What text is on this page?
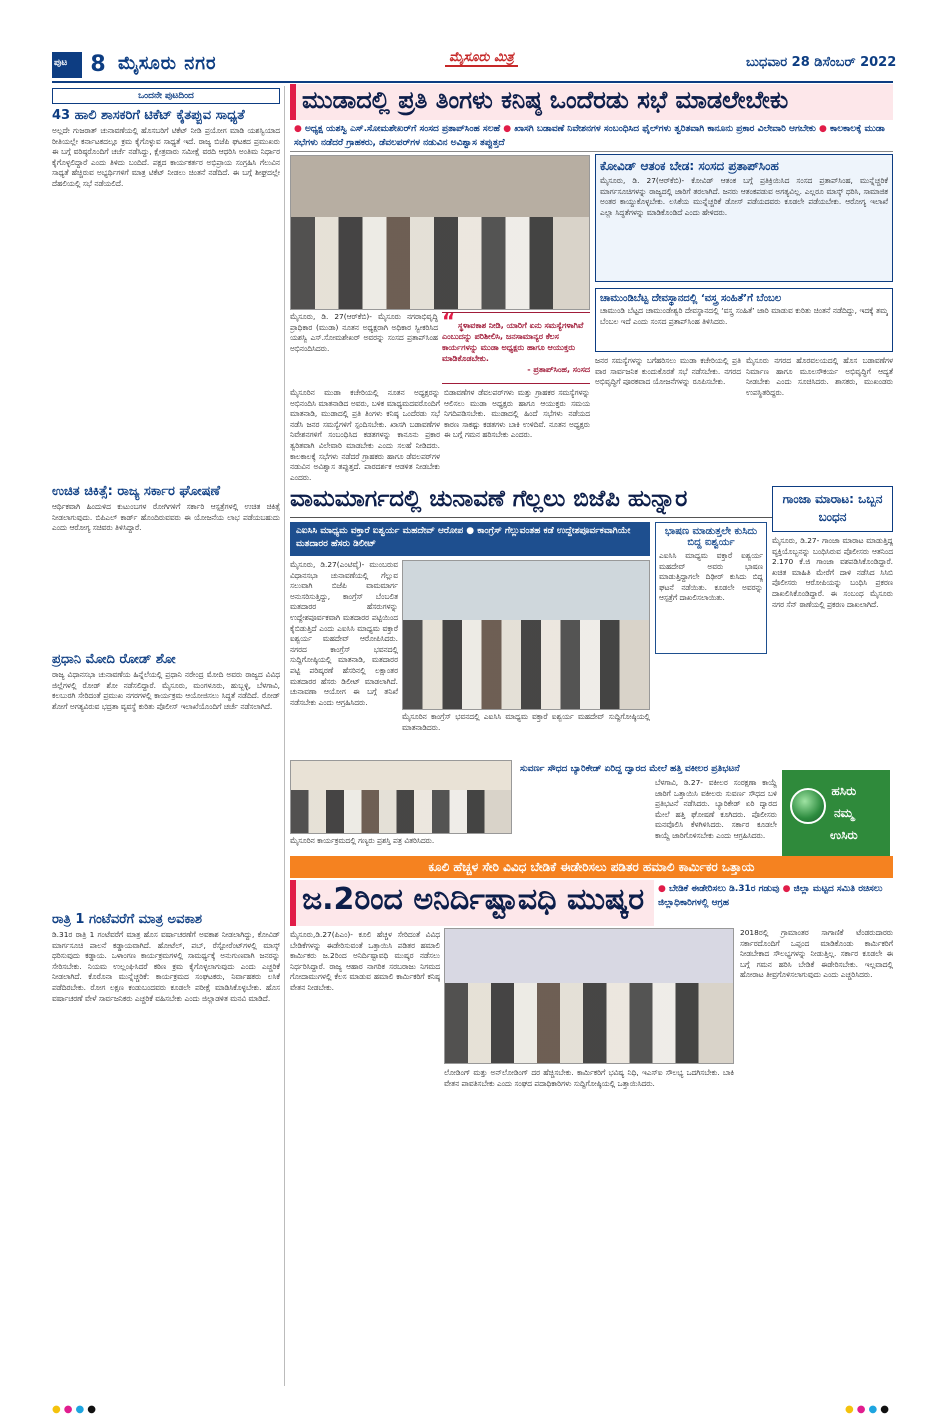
ಪುಟ	8 ಮೈಸೂರು ನಗರ	ಮೈಸೂರು ಮಿತ್ರ	ಬುಧವಾರ 28 ಡಿಸೆಂಬರ್ 2022
ಒಂದನೇ ಪುಟದಿಂದ
43 ಹಾಲಿ ಶಾಸಕರಿಗೆ ಟಿಕೆಟ್ ಕೈತಪ್ಪುವ ಸಾಧ್ಯತೆ
ಅಲ್ಲದೇ ಗುಜರಾತ್ ಚುನಾವಣೆಯಲ್ಲಿ ಹೊಸಬರಿಗೆ ಟಿಕೆಟ್ ನೀಡಿ ಪ್ರಯೋಗ ಮಾಡಿ ಯಶಸ್ವಿಯಾದ ರೀತಿಯಲ್ಲೇ ಕರ್ನಾಟಕದಲ್ಲೂ ಕ್ರಮ ಕೈಗೊಳ್ಳುವ ಸಾಧ್ಯತೆ ಇದೆ. ರಾಜ್ಯ ಬಿಜೆಪಿ ಘಟಕದ ಪ್ರಮುಖರು ಈ ಬಗ್ಗೆ ವರಿಷ್ಠರೊಂದಿಗೆ ಚರ್ಚೆ ನಡೆಸಿದ್ದು, ಕ್ಷೇತ್ರವಾರು ಸಮೀಕ್ಷೆ ವರದಿ ಆಧರಿಸಿ ಅಂತಿಮ ನಿರ್ಧಾರ ಕೈಗೊಳ್ಳಲಿದ್ದಾರೆ ಎಂದು ತಿಳಿದು ಬಂದಿದೆ. ಪಕ್ಷದ ಕಾರ್ಯಕರ್ತರ ಅಭಿಪ್ರಾಯ ಸಂಗ್ರಹಿಸಿ ಗೆಲುವಿನ ಸಾಧ್ಯತೆ ಹೆಚ್ಚಿರುವ ಅಭ್ಯರ್ಥಿಗಳಿಗೆ ಮಾತ್ರ ಟಿಕೆಟ್ ನೀಡಲು ಚಿಂತನೆ ನಡೆದಿದೆ. ಈ ಬಗ್ಗೆ ಶೀಘ್ರದಲ್ಲೇ ದೆಹಲಿಯಲ್ಲಿ ಸಭೆ ನಡೆಯಲಿದೆ.
ಉಚಿತ ಚಿಕಿತ್ಸೆ: ರಾಜ್ಯ ಸರ್ಕಾರ ಘೋಷಣೆ
ಆರ್ಥಿಕವಾಗಿ ಹಿಂದುಳಿದ ಕುಟುಂಬಗಳ ರೋಗಿಗಳಿಗೆ ಸರ್ಕಾರಿ ಆಸ್ಪತ್ರೆಗಳಲ್ಲಿ ಉಚಿತ ಚಿಕಿತ್ಸೆ ನೀಡಲಾಗುವುದು. ಬಿಪಿಎಲ್ ಕಾರ್ಡ್ ಹೊಂದಿರುವವರು ಈ ಯೋಜನೆಯ ಲಾಭ ಪಡೆಯಬಹುದು ಎಂದು ಆರೋಗ್ಯ ಸಚಿವರು ತಿಳಿಸಿದ್ದಾರೆ.
ಪ್ರಧಾನಿ ಮೋದಿ ರೋಡ್ ಶೋ
ರಾಜ್ಯ ವಿಧಾನಸಭಾ ಚುನಾವಣೆಯ ಹಿನ್ನೆಲೆಯಲ್ಲಿ ಪ್ರಧಾನಿ ನರೇಂದ್ರ ಮೋದಿ ಅವರು ರಾಜ್ಯದ ವಿವಿಧ ಜಿಲ್ಲೆಗಳಲ್ಲಿ ರೋಡ್ ಶೋ ನಡೆಸಲಿದ್ದಾರೆ. ಮೈಸೂರು, ಮಂಗಳೂರು, ಹುಬ್ಬಳ್ಳಿ, ಬೆಳಗಾವಿ, ಕಲಬುರಗಿ ಸೇರಿದಂತೆ ಪ್ರಮುಖ ನಗರಗಳಲ್ಲಿ ಕಾರ್ಯಕ್ರಮ ಆಯೋಜಿಸಲು ಸಿದ್ಧತೆ ನಡೆದಿದೆ. ರೋಡ್ ಶೋಗೆ ಅಗತ್ಯವಿರುವ ಭದ್ರತಾ ವ್ಯವಸ್ಥೆ ಕುರಿತು ಪೊಲೀಸ್ ಇಲಾಖೆಯೊಂದಿಗೆ ಚರ್ಚೆ ನಡೆಸಲಾಗಿದೆ.
ರಾತ್ರಿ 1 ಗಂಟೆವರೆಗೆ ಮಾತ್ರ ಅವಕಾಶ
ಡಿ.31ರ ರಾತ್ರಿ 1 ಗಂಟೆವರೆಗೆ ಮಾತ್ರ ಹೊಸ ವರ್ಷಾಚರಣೆಗೆ ಅವಕಾಶ ನೀಡಲಾಗಿದ್ದು, ಕೋವಿಡ್ ಮಾರ್ಗಸೂಚಿ ಪಾಲನೆ ಕಡ್ಡಾಯವಾಗಿದೆ. ಹೋಟೆಲ್, ಪಬ್, ರೆಸ್ಟೋರೆಂಟ್‌ಗಳಲ್ಲಿ ಮಾಸ್ಕ್ ಧರಿಸುವುದು ಕಡ್ಡಾಯ. ಒಳಾಂಗಣ ಕಾರ್ಯಕ್ರಮಗಳಲ್ಲಿ ಸಾಮರ್ಥ್ಯಕ್ಕೆ ಅನುಗುಣವಾಗಿ ಜನರನ್ನು ಸೇರಿಸಬೇಕು. ನಿಯಮ ಉಲ್ಲಂಘಿಸಿದರೆ ಕಠಿಣ ಕ್ರಮ ಕೈಗೊಳ್ಳಲಾಗುವುದು ಎಂದು ಎಚ್ಚರಿಕೆ ನೀಡಲಾಗಿದೆ. ಕೊರೊನಾ ಮುನ್ನೆಚ್ಚರಿಕೆ: ಕಾರ್ಯಕ್ರಮದ ಸಂಘಟಕರು, ನಿರ್ವಾಹಕರು ಲಸಿಕೆ ಪಡೆದಿರಬೇಕು. ರೋಗ ಲಕ್ಷಣ ಕಂಡುಬಂದವರು ಕೂಡಲೇ ಪರೀಕ್ಷೆ ಮಾಡಿಸಿಕೊಳ್ಳಬೇಕು. ಹೊಸ ವರ್ಷಾಚರಣೆ ವೇಳೆ ಸಾರ್ವಜನಿಕರು ಎಚ್ಚರಿಕೆ ವಹಿಸಬೇಕು ಎಂದು ಜಿಲ್ಲಾಡಳಿತ ಮನವಿ ಮಾಡಿದೆ.
ಮುಡಾದಲ್ಲಿ ಪ್ರತಿ ತಿಂಗಳು ಕನಿಷ್ಠ ಒಂದೆರಡು ಸಭೆ ಮಾಡಲೇಬೇಕು
● ಅಧ್ಯಕ್ಷ ಯಶಸ್ವಿ ಎಸ್.ಸೋಮಶೇಖರ್‌ಗೆ ಸಂಸದ ಪ್ರತಾಪ್‌ಸಿಂಹ ಸಲಹೆ ● ಖಾಸಗಿ ಬಡಾವಣೆ ನಿವೇಶನಗಳ ಸಂಬಂಧಿಸಿದ ಫೈಲ್‌ಗಳು ತ್ವರಿತವಾಗಿ ಕಾನೂನು ಪ್ರಕಾರ ವಿಲೇವಾರಿ ಆಗಬೇಕು ● ಕಾಲಕಾಲಕ್ಕೆ ಮುಡಾ ಸಭೆಗಳು ನಡೆದರೆ ಗ್ರಾಹಕರು, ಡೆವಲಪರ್‌ಗಳ ನಡುವಿನ ಅವಿಶ್ವಾಸ ತಪ್ಪುತ್ತದೆ
ಮೈಸೂರು, ಡಿ. 27(ಆರ್‌ಕೆಬಿ)- ಮೈಸೂರು ನಗರಾಭಿವೃದ್ಧಿ ಪ್ರಾಧಿಕಾರ (ಮುಡಾ) ನೂತನ ಅಧ್ಯಕ್ಷರಾಗಿ ಅಧಿಕಾರ ಸ್ವೀಕರಿಸಿದ ಯಶಸ್ವಿ ಎಸ್.ಸೋಮಶೇಖರ್ ಅವರನ್ನು ಸಂಸದ ಪ್ರತಾಪ್‌ಸಿಂಹ ಅಭಿನಂದಿಸಿದರು.
“ ಸ್ಥಳಾವಕಾಶ ನೀಡಿ, ಯಾರಿಗೆ ಏನು ಸಮಸ್ಯೆಗಳಾಗಿವೆ ಎಂಬುದನ್ನು ಪರಿಶೀಲಿಸಿ, ಜನಸಾಮಾನ್ಯರ ಕೆಲಸ ಕಾರ್ಯಗಳನ್ನು ಮುಡಾ ಅಧ್ಯಕ್ಷರು ಹಾಗೂ ಆಯುಕ್ತರು ಮಾಡಿಕೊಡಬೇಕು.
- ಪ್ರತಾಪ್‌ಸಿಂಹ, ಸಂಸದ
ಮೈಸೂರಿನ ಮುಡಾ ಕಚೇರಿಯಲ್ಲಿ ನೂತನ ಅಧ್ಯಕ್ಷರನ್ನು ಅಭಿನಂದಿಸಿ ಮಾತನಾಡಿದ ಅವರು, ಬಳಿಕ ಮಾಧ್ಯಮದವರೊಂದಿಗೆ ಮಾತನಾಡಿ, ಮುಡಾದಲ್ಲಿ ಪ್ರತಿ ತಿಂಗಳು ಕನಿಷ್ಠ ಒಂದೆರಡು ಸಭೆ ನಡೆಸಿ ಜನರ ಸಮಸ್ಯೆಗಳಿಗೆ ಸ್ಪಂದಿಸಬೇಕು. ಖಾಸಗಿ ಬಡಾವಣೆಗಳ ನಿವೇಶನಗಳಿಗೆ ಸಂಬಂಧಿಸಿದ ಕಡತಗಳನ್ನು ಕಾನೂನು ಪ್ರಕಾರ ತ್ವರಿತವಾಗಿ ವಿಲೇವಾರಿ ಮಾಡಬೇಕು ಎಂದು ಸಲಹೆ ನೀಡಿದರು. ಕಾಲಕಾಲಕ್ಕೆ ಸಭೆಗಳು ನಡೆದರೆ ಗ್ರಾಹಕರು ಹಾಗೂ ಡೆವಲಪರ್‌ಗಳ ನಡುವಿನ ಅವಿಶ್ವಾಸ ತಪ್ಪುತ್ತದೆ. ಪಾರದರ್ಶಕ ಆಡಳಿತ ನೀಡಬೇಕು ಎಂದರು.
ಬಿಡಾವಣೆಗಳ ಡೆವಲಪರ್‌ಗಳು ಮತ್ತು ಗ್ರಾಹಕರ ಸಮಸ್ಯೆಗಳನ್ನು ಆಲಿಸಲು ಮುಡಾ ಅಧ್ಯಕ್ಷರು ಹಾಗೂ ಆಯುಕ್ತರು ಸಮಯ ನಿಗದಿಪಡಿಸಬೇಕು. ಮುಡಾದಲ್ಲಿ ಹಿಂದೆ ಸಭೆಗಳು ನಡೆಯದ ಕಾರಣ ಸಾಕಷ್ಟು ಕಡತಗಳು ಬಾಕಿ ಉಳಿದಿವೆ. ನೂತನ ಅಧ್ಯಕ್ಷರು ಈ ಬಗ್ಗೆ ಗಮನ ಹರಿಸಬೇಕು ಎಂದರು.
ಕೋವಿಡ್ ಆತಂಕ ಬೇಡ: ಸಂಸದ ಪ್ರತಾಪ್‌ಸಿಂಹ
ಮೈಸೂರು, ಡಿ. 27(ಆರ್‌ಕೆಬಿ)- ಕೋವಿಡ್ ಆತಂಕ ಬಗ್ಗೆ ಪ್ರತಿಕ್ರಿಯಿಸಿದ ಸಂಸದ ಪ್ರತಾಪ್‌ಸಿಂಹ, ಮುನ್ನೆಚ್ಚರಿಕೆ ಮಾರ್ಗಸೂಚಿಗಳನ್ನು ರಾಜ್ಯದಲ್ಲಿ ಜಾರಿಗೆ ತರಲಾಗಿದೆ. ಜನರು ಆತಂಕಪಡುವ ಅಗತ್ಯವಿಲ್ಲ. ಎಲ್ಲರೂ ಮಾಸ್ಕ್ ಧರಿಸಿ, ಸಾಮಾಜಿಕ ಅಂತರ ಕಾಯ್ದುಕೊಳ್ಳಬೇಕು. ಲಸಿಕೆಯ ಮುನ್ನೆಚ್ಚರಿಕೆ ಡೋಸ್ ಪಡೆಯದವರು ಕೂಡಲೇ ಪಡೆಯಬೇಕು. ಆರೋಗ್ಯ ಇಲಾಖೆ ಎಲ್ಲಾ ಸಿದ್ಧತೆಗಳನ್ನು ಮಾಡಿಕೊಂಡಿದೆ ಎಂದು ಹೇಳಿದರು.
ಚಾಮುಂಡಿಬೆಟ್ಟ ದೇವಸ್ಥಾನದಲ್ಲಿ ‘ವಸ್ತ್ರ ಸಂಹಿತೆ’ಗೆ ಬೆಂಬಲ
ಚಾಮುಂಡಿ ಬೆಟ್ಟದ ಚಾಮುಂಡೇಶ್ವರಿ ದೇವಸ್ಥಾನದಲ್ಲಿ ‘ವಸ್ತ್ರ ಸಂಹಿತೆ’ ಜಾರಿ ಮಾಡುವ ಕುರಿತು ಚಿಂತನೆ ನಡೆದಿದ್ದು, ಇದಕ್ಕೆ ತಮ್ಮ ಬೆಂಬಲ ಇದೆ ಎಂದು ಸಂಸದ ಪ್ರತಾಪ್‌ಸಿಂಹ ತಿಳಿಸಿದರು.
ಜನರ ಸಮಸ್ಯೆಗಳನ್ನು ಬಗೆಹರಿಸಲು ಮುಡಾ ಕಚೇರಿಯಲ್ಲಿ ಪ್ರತಿ ವಾರ ಸಾರ್ವಜನಿಕ ಕುಂದುಕೊರತೆ ಸಭೆ ನಡೆಸಬೇಕು. ನಗರದ ಅಭಿವೃದ್ಧಿಗೆ ಪೂರಕವಾದ ಯೋಜನೆಗಳನ್ನು ರೂಪಿಸಬೇಕು.
ಮೈಸೂರು ನಗರದ ಹೊರವಲಯದಲ್ಲಿ ಹೊಸ ಬಡಾವಣೆಗಳ ನಿರ್ಮಾಣ ಹಾಗೂ ಮೂಲಸೌಕರ್ಯ ಅಭಿವೃದ್ಧಿಗೆ ಆದ್ಯತೆ ನೀಡಬೇಕು ಎಂದು ಸೂಚಿಸಿದರು. ಶಾಸಕರು, ಮುಖಂಡರು ಉಪಸ್ಥಿತರಿದ್ದರು.
ವಾಮಮಾರ್ಗದಲ್ಲಿ ಚುನಾವಣೆ ಗೆಲ್ಲಲು ಬಿಜೆಪಿ ಹುನ್ನಾರ
ಎಐಸಿಸಿ ಮಾಧ್ಯಮ ವಕ್ತಾರೆ ಐಶ್ವರ್ಯ ಮಹದೇವ್ ಆರೋಪ ● ಕಾಂಗ್ರೆಸ್ ಗೆಲ್ಲುವಂತಹ ಕಡೆ ಉದ್ದೇಶಪೂರ್ವಕವಾಗಿಯೇ ಮತದಾರರ ಹೆಸರು ಡಿಲೀಟ್
ಮೈಸೂರು, ಡಿ.27(ಎಂಟಿವೈ)- ಮುಂಬರುವ ವಿಧಾನಸಭಾ ಚುನಾವಣೆಯಲ್ಲಿ ಗೆಲ್ಲುವ ಸಲುವಾಗಿ ಬಿಜೆಪಿ ವಾಮಮಾರ್ಗ ಅನುಸರಿಸುತ್ತಿದ್ದು, ಕಾಂಗ್ರೆಸ್ ಬೆಂಬಲಿತ ಮತದಾರರ ಹೆಸರುಗಳನ್ನು ಉದ್ದೇಶಪೂರ್ವಕವಾಗಿ ಮತದಾರರ ಪಟ್ಟಿಯಿಂದ ಕೈಬಿಡುತ್ತಿದೆ ಎಂದು ಎಐಸಿಸಿ ಮಾಧ್ಯಮ ವಕ್ತಾರೆ ಐಶ್ವರ್ಯ ಮಹದೇವ್ ಆರೋಪಿಸಿದರು. ನಗರದ ಕಾಂಗ್ರೆಸ್ ಭವನದಲ್ಲಿ ಸುದ್ದಿಗೋಷ್ಠಿಯಲ್ಲಿ ಮಾತನಾಡಿ, ಮತದಾರರ ಪಟ್ಟಿ ಪರಿಷ್ಕರಣೆ ಹೆಸರಿನಲ್ಲಿ ಲಕ್ಷಾಂತರ ಮತದಾರರ ಹೆಸರು ಡಿಲೀಟ್ ಮಾಡಲಾಗಿದೆ. ಚುನಾವಣಾ ಆಯೋಗ ಈ ಬಗ್ಗೆ ತನಿಖೆ ನಡೆಸಬೇಕು ಎಂದು ಆಗ್ರಹಿಸಿದರು.
ಭಾಷಣ ಮಾಡುತ್ತಲೇ ಕುಸಿದು ಬಿದ್ದ ಐಶ್ವರ್ಯ
ಎಐಸಿಸಿ ಮಾಧ್ಯಮ ವಕ್ತಾರೆ ಐಶ್ವರ್ಯ ಮಹದೇವ್ ಅವರು ಭಾಷಣ ಮಾಡುತ್ತಿದ್ದಾಗಲೇ ದಿಢೀರ್ ಕುಸಿದು ಬಿದ್ದ ಘಟನೆ ನಡೆಯಿತು. ಕೂಡಲೇ ಅವರನ್ನು ಆಸ್ಪತ್ರೆಗೆ ದಾಖಲಿಸಲಾಯಿತು.
ಮೈಸೂರಿನ ಕಾಂಗ್ರೆಸ್ ಭವನದಲ್ಲಿ ಎಐಸಿಸಿ ಮಾಧ್ಯಮ ವಕ್ತಾರೆ ಐಶ್ವರ್ಯ ಮಹದೇವ್ ಸುದ್ದಿಗೋಷ್ಠಿಯಲ್ಲಿ ಮಾತನಾಡಿದರು.
ಗಾಂಜಾ ಮಾರಾಟ: ಒಬ್ಬನ ಬಂಧನ
ಮೈಸೂರು, ಡಿ.27- ಗಾಂಜಾ ಮಾರಾಟ ಮಾಡುತ್ತಿದ್ದ ವ್ಯಕ್ತಿಯೊಬ್ಬನನ್ನು ಬಂಧಿಸಿರುವ ಪೊಲೀಸರು ಆತನಿಂದ 2.170 ಕೆ.ಜಿ ಗಾಂಜಾ ವಶಪಡಿಸಿಕೊಂಡಿದ್ದಾರೆ. ಖಚಿತ ಮಾಹಿತಿ ಮೇರೆಗೆ ದಾಳಿ ನಡೆಸಿದ ಸಿಸಿಬಿ ಪೊಲೀಸರು ಆರೋಪಿಯನ್ನು ಬಂಧಿಸಿ ಪ್ರಕರಣ ದಾಖಲಿಸಿಕೊಂಡಿದ್ದಾರೆ. ಈ ಸಂಬಂಧ ಮೈಸೂರು ನಗರ ಸೆನ್ ಠಾಣೆಯಲ್ಲಿ ಪ್ರಕರಣ ದಾಖಲಾಗಿದೆ.
ಹಸಿರು
ನಮ್ಮ
ಉಸಿರು
ಸುವರ್ಣ ಸೌಧದ ಬ್ಯಾರಿಕೇಡ್ ಏರಿದ್ದ ದ್ವಾರದ ಮೇಲೆ ಹತ್ತಿ ವಕೀಲರ ಪ್ರತಿಭಟನೆ
ಬೆಳಗಾವಿ, ಡಿ.27- ವಕೀಲರ ಸಂರಕ್ಷಣಾ ಕಾಯ್ದೆ ಜಾರಿಗೆ ಒತ್ತಾಯಿಸಿ ವಕೀಲರು ಸುವರ್ಣ ಸೌಧದ ಬಳಿ ಪ್ರತಿಭಟನೆ ನಡೆಸಿದರು. ಬ್ಯಾರಿಕೇಡ್ ಏರಿ ದ್ವಾರದ ಮೇಲೆ ಹತ್ತಿ ಘೋಷಣೆ ಕೂಗಿದರು. ಪೊಲೀಸರು ಮನವೊಲಿಸಿ ಕೆಳಗಿಳಿಸಿದರು. ಸರ್ಕಾರ ಕೂಡಲೇ ಕಾಯ್ದೆ ಜಾರಿಗೊಳಿಸಬೇಕು ಎಂದು ಆಗ್ರಹಿಸಿದರು.
ಮೈಸೂರಿನ ಕಾರ್ಯಕ್ರಮದಲ್ಲಿ ಗಣ್ಯರು ಪ್ರಶಸ್ತಿ ಪತ್ರ ವಿತರಿಸಿದರು.
ಕೂಲಿ ಹೆಚ್ಚಳ ಸೇರಿ ವಿವಿಧ ಬೇಡಿಕೆ ಈಡೇರಿಸಲು ಪಡಿತರ ಹಮಾಲಿ ಕಾರ್ಮಿಕರ ಒತ್ತಾಯ
ಜ.2ರಿಂದ ಅನಿರ್ದಿಷ್ಟಾವಧಿ ಮುಷ್ಕರ	● ಬೇಡಿಕೆ ಈಡೇರಿಸಲು ಡಿ.31ರ ಗಡುವು ● ಜಿಲ್ಲಾ ಮಟ್ಟದ ಸಮಿತಿ ರಚಿಸಲು ಜಿಲ್ಲಾಧಿಕಾರಿಗಳಲ್ಲಿ ಆಗ್ರಹ
ಮೈಸೂರು,ಡಿ.27(ಪಿಎಂ)- ಕೂಲಿ ಹೆಚ್ಚಳ ಸೇರಿದಂತೆ ವಿವಿಧ ಬೇಡಿಕೆಗಳನ್ನು ಈಡೇರಿಸುವಂತೆ ಒತ್ತಾಯಿಸಿ ಪಡಿತರ ಹಮಾಲಿ ಕಾರ್ಮಿಕರು ಜ.2ರಿಂದ ಅನಿರ್ದಿಷ್ಟಾವಧಿ ಮುಷ್ಕರ ನಡೆಸಲು ನಿರ್ಧರಿಸಿದ್ದಾರೆ. ರಾಜ್ಯ ಆಹಾರ ನಾಗರಿಕ ಸರಬರಾಜು ನಿಗಮದ ಗೋದಾಮುಗಳಲ್ಲಿ ಕೆಲಸ ಮಾಡುವ ಹಮಾಲಿ ಕಾರ್ಮಿಕರಿಗೆ ಕನಿಷ್ಠ ವೇತನ ನೀಡಬೇಕು.
ಲೋಡಿಂಗ್ ಮತ್ತು ಅನ್‌ಲೋಡಿಂಗ್ ದರ ಹೆಚ್ಚಿಸಬೇಕು. ಕಾರ್ಮಿಕರಿಗೆ ಭವಿಷ್ಯ ನಿಧಿ, ಇಎಸ್‌ಐ ಸೌಲಭ್ಯ ಒದಗಿಸಬೇಕು. ಬಾಕಿ ವೇತನ ಪಾವತಿಸಬೇಕು ಎಂದು ಸಂಘದ ಪದಾಧಿಕಾರಿಗಳು ಸುದ್ದಿಗೋಷ್ಠಿಯಲ್ಲಿ ಒತ್ತಾಯಿಸಿದರು.
2018ರಲ್ಲಿ ಗ್ರಾಮಾಂತರ ಸಾಗಾಣಿಕೆ ಟೆಂಡರುದಾರರು ಸರ್ಕಾರದೊಂದಿಗೆ ಒಪ್ಪಂದ ಮಾಡಿಕೊಂಡು ಕಾರ್ಮಿಕರಿಗೆ ನೀಡಬೇಕಾದ ಸೌಲಭ್ಯಗಳನ್ನು ನೀಡುತ್ತಿಲ್ಲ. ಸರ್ಕಾರ ಕೂಡಲೇ ಈ ಬಗ್ಗೆ ಗಮನ ಹರಿಸಿ ಬೇಡಿಕೆ ಈಡೇರಿಸಬೇಕು. ಇಲ್ಲವಾದಲ್ಲಿ ಹೋರಾಟ ತೀವ್ರಗೊಳಿಸಲಾಗುವುದು ಎಂದು ಎಚ್ಚರಿಸಿದರು.
●●●●	●●●●
